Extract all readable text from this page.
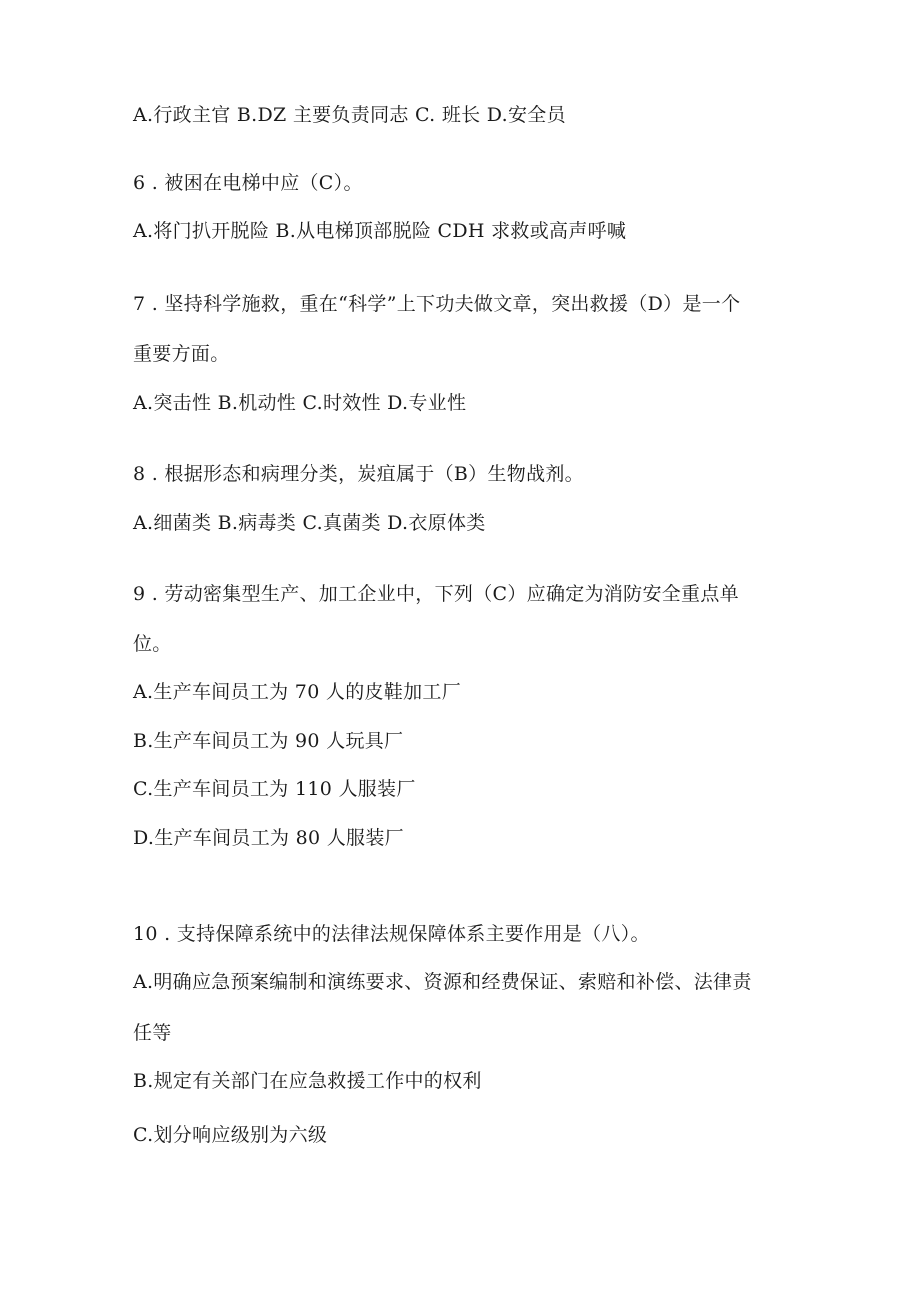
A.行政主官 B.DZ 主要负责同志 C. 班长 D.安全员
6 . 被困在电梯中应（C）。
A.将门扒开脱险 B.从电梯顶部脱险 CDH 求救或高声呼喊
7 . 坚持科学施救，重在“科学”上下功夫做文章，突出救援（D）是一个
重要方面。
A.突击性 B.机动性 C.时效性 D.专业性
8 . 根据形态和病理分类，炭疽属于（B）生物战剂。
A.细菌类 B.病毒类 C.真菌类 D.衣原体类
9 . 劳动密集型生产、加工企业中，下列（C）应确定为消防安全重点单
位。
A.生产车间员工为 70 人的皮鞋加工厂
B.生产车间员工为 90 人玩具厂
C.生产车间员工为 110 人服装厂
D.生产车间员工为 80 人服装厂
10 . 支持保障系统中的法律法规保障体系主要作用是（八）。
A.明确应急预案编制和演练要求、资源和经费保证、索赔和补偿、法律责
任等
B.规定有关部门在应急救援工作中的权利
C.划分响应级别为六级
